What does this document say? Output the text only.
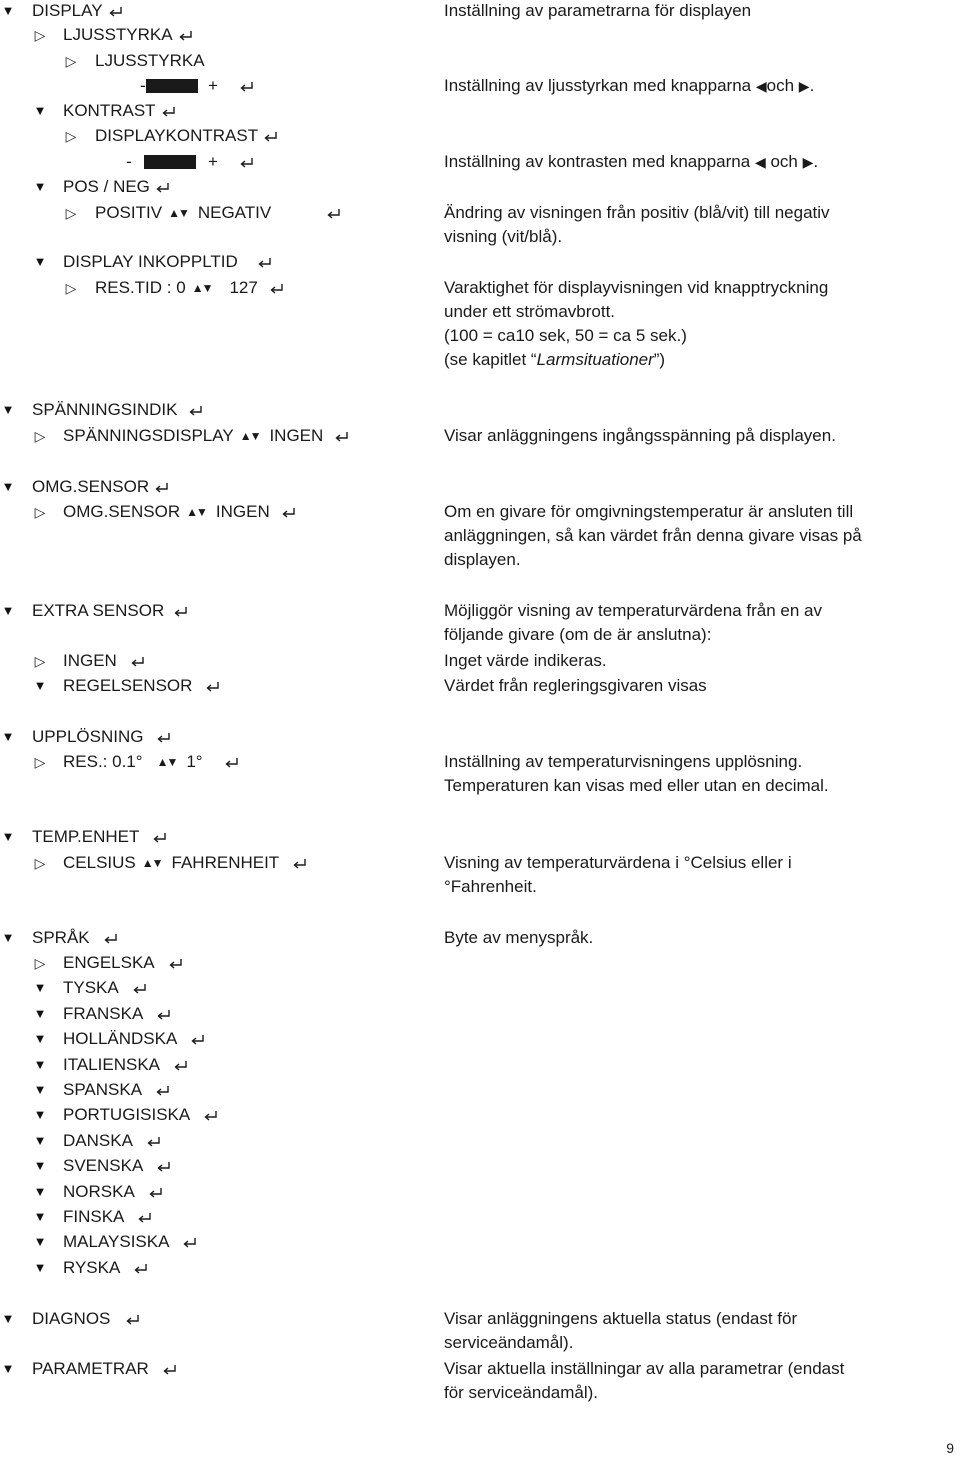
▼ DISPLAY
▷ LJUSSTYRKA
▷ LJUSSTYRKA
-	+
▼ KONTRAST
▷ DISPLAYKONTRAST
-	+
▼ POS / NEG
▷ POSITIV ▲▼ NEGATIV
▼ DISPLAY INKOPPLTID
▷ RES.TID : 0 ▲▼ 127
▼ SPÄNNINGSINDIK
▷ SPÄNNINGSDISPLAY ▲▼ INGEN
▼ OMG.SENSOR
▷ OMG.SENSOR ▲▼ INGEN
▼ EXTRA SENSOR
▷ INGEN
▼ REGELSENSOR
▼ UPPLÖSNING
▷ RES.: 0.1° ▲▼ 1°
▼ TEMP.ENHET
▷ CELSIUS ▲▼ FAHRENHEIT
▼ SPRÅK
▷ ENGELSKA
▼ TYSKA
▼ FRANSKA
▼ HOLLÄNDSKA
▼ ITALIENSKA
▼ SPANSKA
▼ PORTUGISISKA
▼ DANSKA
▼ SVENSKA
▼ NORSKA
▼ FINSKA
▼ MALAYSISKA
▼ RYSKA
▼ DIAGNOS
▼ PARAMETRAR
Inställning av parametrarna för displayen
Inställning av ljusstyrkan med knapparna ◀och ▶.
Inställning av kontrasten med knapparna ◀ och ▶.
Ändring av visningen från positiv (blå/vit) till negativ
visning (vit/blå).
Varaktighet för displayvisningen vid knapptryckning
under ett strömavbrott.
(100 = ca10 sek, 50 = ca 5 sek.)
(se kapitlet “Larmsituationer”)
Visar anläggningens ingångsspänning på displayen.
Om en givare för omgivningstemperatur är ansluten till
anläggningen, så kan värdet från denna givare visas på
displayen.
Möjliggör visning av temperaturvärdena från en av
följande givare (om de är anslutna):
Inget värde indikeras.
Värdet från regleringsgivaren visas
Inställning av temperaturvisningens upplösning.
Temperaturen kan visas med eller utan en decimal.
Visning av temperaturvärdena i °Celsius eller i
°Fahrenheit.
Byte av menyspråk.
Visar anläggningens aktuella status (endast för
serviceändamål).
Visar aktuella inställningar av alla parametrar (endast
för serviceändamål).
9
